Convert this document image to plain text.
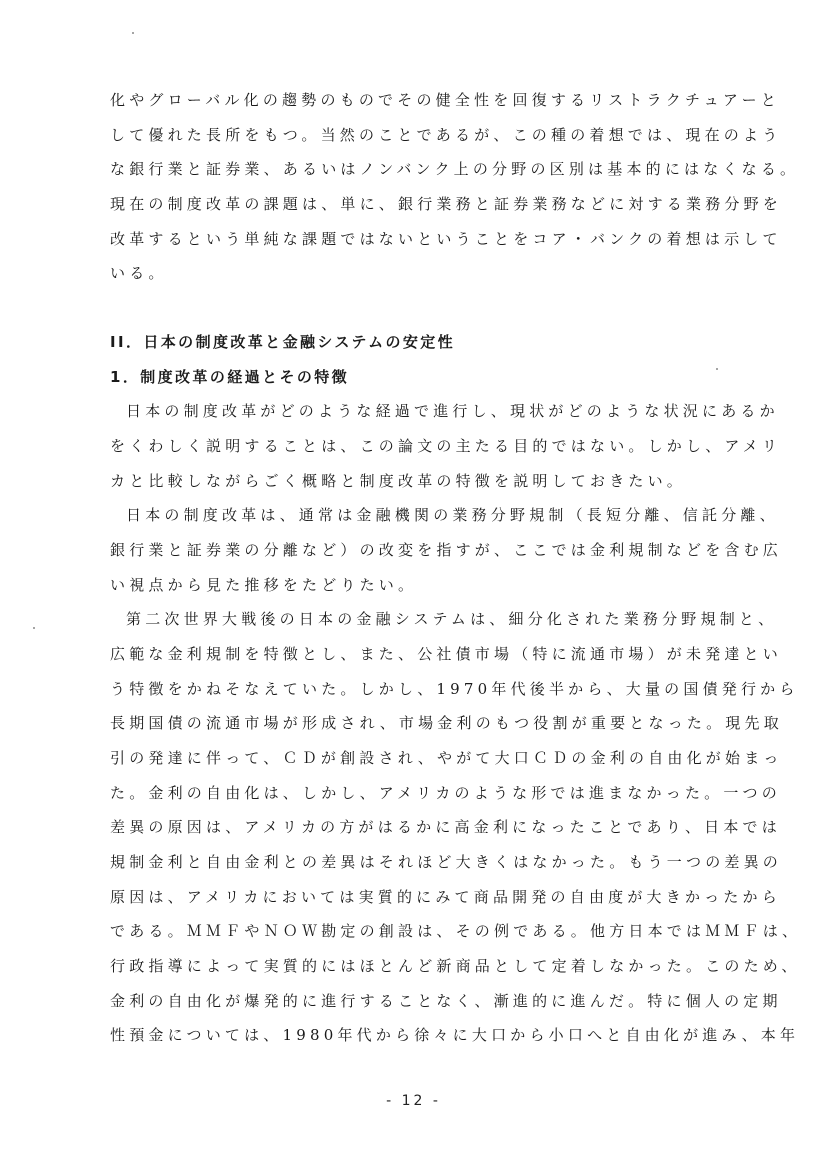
化やグローバル化の趨勢のものでその健全性を回復するリストラクチュアーと
して優れた長所をもつ。当然のことであるが、この種の着想では、現在のよう
な銀行業と証券業、あるいはノンバンク上の分野の区別は基本的にはなくなる。
現在の制度改革の課題は、単に、銀行業務と証券業務などに対する業務分野を
改革するという単純な課題ではないということをコア・バンクの着想は示して
いる。
II．日本の制度改革と金融システムの安定性
1．制度改革の経過とその特徴
日本の制度改革がどのような経過で進行し、現状がどのような状況にあるか
をくわしく説明することは、この論文の主たる目的ではない。しかし、アメリ
カと比較しながらごく概略と制度改革の特徴を説明しておきたい。
日本の制度改革は、通常は金融機関の業務分野規制（長短分離、信託分離、
銀行業と証券業の分離など）の改変を指すが、ここでは金利規制などを含む広
い視点から見た推移をたどりたい。
第二次世界大戦後の日本の金融システムは、細分化された業務分野規制と、
広範な金利規制を特徴とし、また、公社債市場（特に流通市場）が未発達とい
う特徴をかねそなえていた。しかし、1970年代後半から、大量の国債発行から
長期国債の流通市場が形成され、市場金利のもつ役割が重要となった。現先取
引の発達に伴って、ＣＤが創設され、やがて大口ＣＤの金利の自由化が始まっ
た。金利の自由化は、しかし、アメリカのような形では進まなかった。一つの
差異の原因は、アメリカの方がはるかに高金利になったことであり、日本では
規制金利と自由金利との差異はそれほど大きくはなかった。もう一つの差異の
原因は、アメリカにおいては実質的にみて商品開発の自由度が大きかったから
である。ＭＭＦやＮＯＷ勘定の創設は、その例である。他方日本ではＭＭＦは、
行政指導によって実質的にはほとんど新商品として定着しなかった。このため、
金利の自由化が爆発的に進行することなく、漸進的に進んだ。特に個人の定期
性預金については、1980年代から徐々に大口から小口へと自由化が進み、本年
- 12 -
